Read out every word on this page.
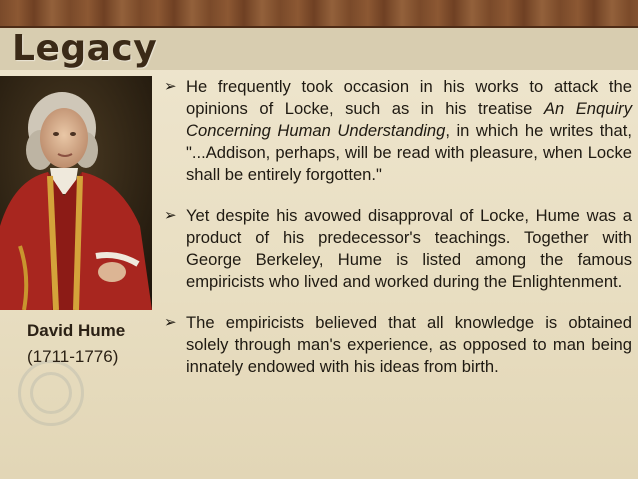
Legacy
David Hume
(1711-1776)
➢ He frequently took occasion in his works to attack the opinions of Locke, such as in his treatise An Enquiry Concerning Human Understanding, in which he writes that, "...Addison, perhaps, will be read with pleasure, when Locke shall be entirely forgotten."
➢ Yet despite his avowed disapproval of Locke, Hume was a product of his predecessor's teachings. Together with George Berkeley, Hume is listed among the famous empiricists who lived and worked during the Enlightenment.
➢ The empiricists believed that all knowledge is obtained solely through man's experience, as opposed to man being innately endowed with his ideas from birth.
